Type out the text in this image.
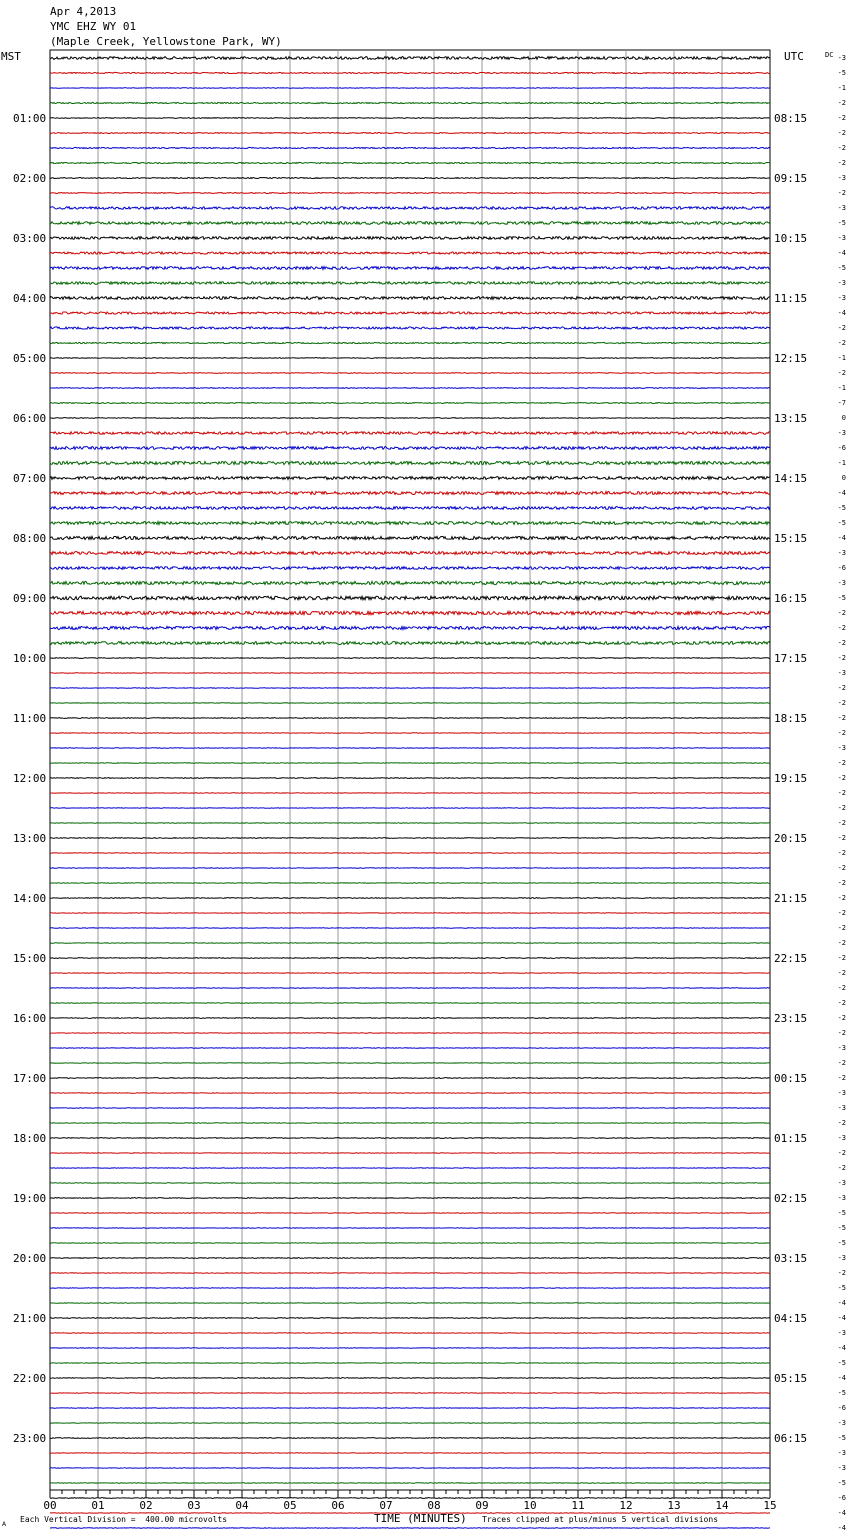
Apr 4,2013
YMC EHZ WY 01
(Maple Creek, Yellowstone Park, WY)
MST	UTC	DC
01:00
02:00
03:00
04:00
05:00
06:00
07:00
08:00
09:00
10:00
11:00
12:00
13:00
14:00
15:00
16:00
17:00
18:00
19:00
20:00
21:00
22:00
23:00
08:15
09:15
10:15
11:15
12:15
13:15
14:15
15:15
16:15
17:15
18:15
19:15
20:15
21:15
22:15
23:15
00:15
01:15
02:15
03:15
04:15
05:15
06:15
-3
-5
-1
-2
-2
-2
-2
-2
-3
-2
-3
-5
-3
-4
-5
-3
-3
-4
-2
-2
-1
-2
-1
-7
0
-3
-6
-1
0
-4
-5
-5
-4
-3
-6
-3
-5
-2
-2
-2
-2
-3
-2
-2
-2
-2
-3
-2
-2
-2
-2
-2
-2
-2
-2
-2
-2
-2
-2
-2
-2
-2
-2
-2
-2
-2
-3
-2
-2
-3
-3
-2
-3
-2
-2
-3
-3
-5
-5
-5
-3
-2
-5
-4
-4
-3
-4
-5
-4
-5
-6
-3
-5
-3
-3
-5
-6
-4
-4
00	01	02	03	04	05	06	07	08	09	10	11	12	13	14	15
A
Each Vertical Division =  400.00 microvolts	TIME (MINUTES) Traces clipped at plus/minus 5 vertical divisions
